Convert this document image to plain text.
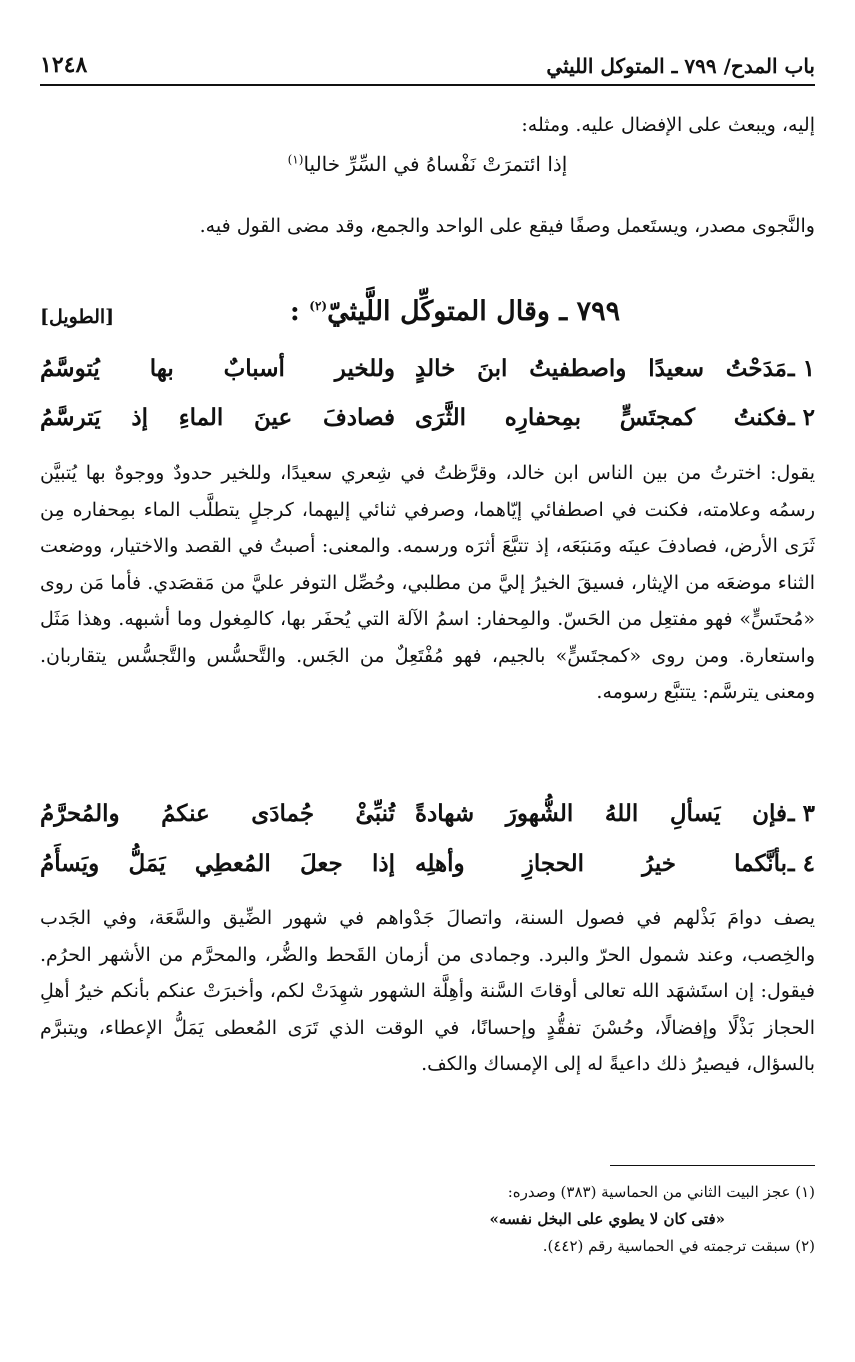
باب المدح/ ٧٩٩ ـ المتوكل الليثي
١٢٤٨
إليه، ويبعث على الإفضال عليه. ومثله:
إذا ائتمرَتْ نَفْساهُ في السِّرِّ خاليا$^{(١)}$
والنَّجوى مصدر، ويستَعمل وصفًا فيقع على الواحد والجمع، وقد مضى القول فيه.
٧٩٩ ـ وقال المتوكِّل اللَّيثيّ$^{(٢)}$ :
[الطويل]
١ ـ
مَدَحْتُ سعيدًا واصطفيتُ ابنَ خالدٍ
وللخير أسبابٌ بها يُتوسَّمُ
٢ ـ
فكنتُ كمجتَسٍّ بمِحفارِه الثَّرَى
فصادفَ عينَ الماءِ إذ يَترسَّمُ
يقول: اخترتُ من بين الناس ابن خالد، وقرَّظتُ في شِعري سعيدًا، وللخير حدودٌ ووجوهٌ بها يُتبيَّن رسمُه وعلامته، فكنت في اصطفائي إيّاهما، وصرفي ثنائي إليهما، كرجلٍ يتطلَّب الماء بمِحفاره مِن ثَرَى الأرض، فصادفَ عينَه ومَنبَعَه، إذ تتبَّعَ أثرَه ورسمه. والمعنى: أصبتُ في القصد والاختيار، ووضعت الثناء موضعَه من الإيثار، فسيقَ الخيرُ إليَّ من مطلبي، وحُصِّل التوفر عليَّ من مَقصَدي. فأما مَن روى «مُحتَسٍّ» فهو مفتعِل من الحَسّ. والمِحفار: اسمُ الآلة التي يُحفَر بها، كالمِغول وما أشبهه. وهذا مَثَل واستعارة. ومن روى «كمجتَسٍّ» بالجيم، فهو مُفْتَعِلٌ من الجَس. والتَّحسُّس والتَّجسُّس يتقاربان. ومعنى يترسَّم: يتتبَّع رسومه.
٣ ـ
فإن يَسألِ اللهُ الشُّهورَ شهادةً
تُنبِّئْ جُمادَى عنكمُ والمُحرَّمُ
٤ ـ
بأنَّكما خيرُ الحجازِ وأهلِه
إذا جعلَ المُعطِي يَمَلُّ ويَسأَمُ
يصف دوامَ بَذْلهم في فصول السنة، واتصالَ جَدْواهم في شهور الضِّيق والسَّعَة، وفي الجَدب والخِصب، وعند شمول الحرّ والبرد. وجمادى من أزمان القَحط والضُّر، والمحرَّم من الأشهر الحرُم. فيقول: إن استَشهَد الله تعالى أوقاتَ السَّنة وأهِلَّة الشهور شهِدَتْ لكم، وأخبرَتْ عنكم بأنكم خيرُ أهلِ الحجاز بَذْلًا وإفضالًا، وحُسْنَ تفقُّدٍ وإحسانًا، في الوقت الذي تَرَى المُعطى يَمَلُّ الإعطاء، ويتبرَّم بالسؤال، فيصيرُ ذلك داعيةً له إلى الإمساك والكف.
(١) عجز البيت الثاني من الحماسية (٣٨٣) وصدره:
«فتى كان لا يطوي على البخل نفسه»
(٢) سبقت ترجمته في الحماسية رقم (٤٤٢).
